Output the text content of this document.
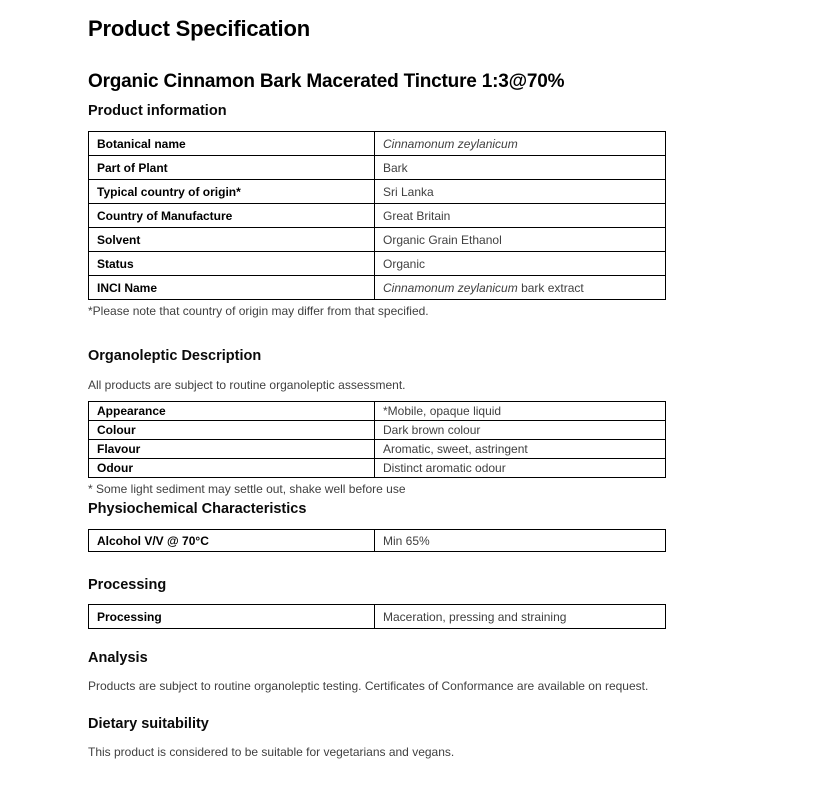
Product Specification
Organic Cinnamon Bark Macerated Tincture 1:3@70%
Product information
Botanical name	Cinnamonum zeylanicum
Part of Plant	Bark
Typical country of origin*	Sri Lanka
Country of Manufacture	Great Britain
Solvent	Organic Grain Ethanol
Status	Organic
INCI Name	Cinnamonum zeylanicum bark extract

*Please note that country of origin may differ from that specified.

Organoleptic Description

All products are subject to routine organoleptic assessment.

Appearance	*Mobile, opaque liquid
Colour	Dark brown colour
Flavour	Aromatic, sweet, astringent
Odour	Distinct aromatic odour

* Some light sediment may settle out, shake well before use

Physiochemical Characteristics
Alcohol V/V @ 70°C	Min 65%
Processing
Processing	Maceration, pressing and straining
Analysis

Products are subject to routine organoleptic testing. Certificates of Conformance are available on request.

Dietary suitability

This product is considered to be suitable for vegetarians and vegans.
